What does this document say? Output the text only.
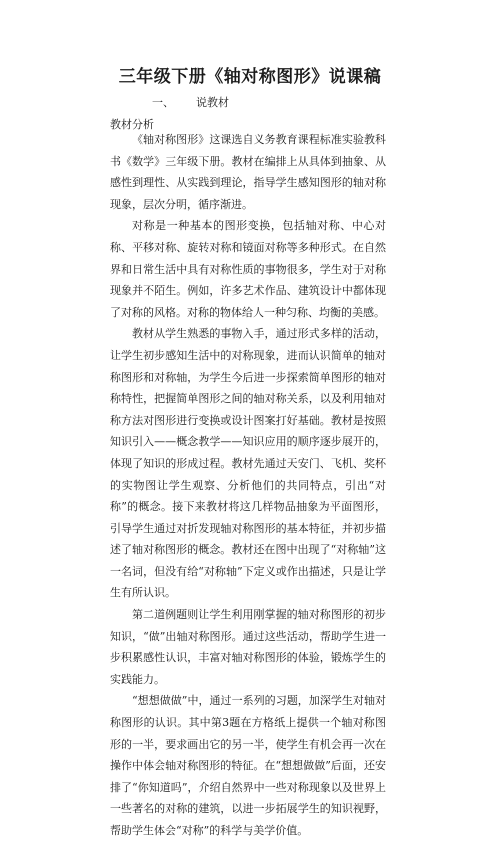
三年级下册《轴对称图形》说课稿
一、 说教材
教材分析

《轴对称图形》这课选自义务教育课程标准实验教科书《数学》三年级下册。教材在编排上从具体到抽象、从感性到理性、从实践到理论，指导学生感知图形的轴对称现象，层次分明，循序渐进。

对称是一种基本的图形变换，包括轴对称、中心对称、平移对称、旋转对称和镜面对称等多种形式。在自然界和日常生活中具有对称性质的事物很多，学生对于对称现象并不陌生。例如，许多艺术作品、建筑设计中都体现了对称的风格。对称的物体给人一种匀称、均衡的美感。

教材从学生熟悉的事物入手，通过形式多样的活动，让学生初步感知生活中的对称现象，进而认识简单的轴对称图形和对称轴，为学生今后进一步探索简单图形的轴对称特性，把握简单图形之间的轴对称关系，以及利用轴对称方法对图形进行变换或设计图案打好基础。教材是按照知识引入——概念教学——知识应用的顺序逐步展开的，体现了知识的形成过程。教材先通过天安门、飞机、奖杯的实物图让学生观察、分析他们的共同特点，引出“对称”的概念。接下来教材将这几样物品抽象为平面图形，引导学生通过对折发现轴对称图形的基本特征，并初步描述了轴对称图形的概念。教材还在图中出现了“对称轴”这一名词，但没有给“对称轴”下定义或作出描述，只是让学生有所认识。

第二道例题则让学生利用刚掌握的轴对称图形的初步知识，“做”出轴对称图形。通过这些活动，帮助学生进一步积累感性认识，丰富对轴对称图形的体验，锻炼学生的实践能力。

“想想做做”中，通过一系列的习题，加深学生对轴对称图形的认识。其中第3题在方格纸上提供一个轴对称图形的一半，要求画出它的另一半，使学生有机会再一次在操作中体会轴对称图形的特征。在“想想做做”后面，还安排了“你知道吗”，介绍自然界中一些对称现象以及世界上一些著名的对称的建筑，以进一步拓展学生的知识视野，帮助学生体会“对称”的科学与美学价值。
